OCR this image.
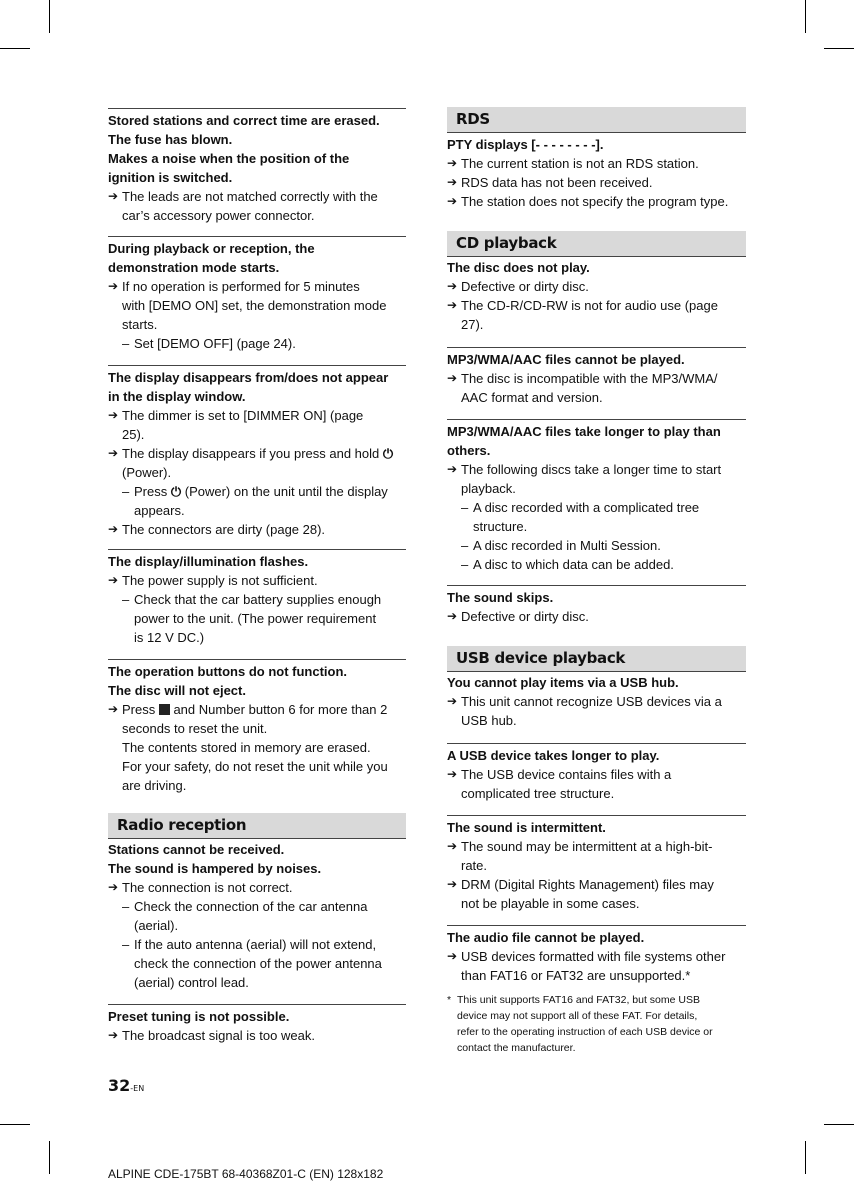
Stored stations and correct time are erased.
The fuse has blown.
Makes a noise when the position of the
ignition is switched.
➔ The leads are not matched correctly with the
car’s accessory power connector.
During playback or reception, the
demonstration mode starts.
➔ If no operation is performed for 5 minutes
with [DEMO ON] set, the demonstration mode
starts.
– Set [DEMO OFF] (page 24).
The display disappears from/does not appear
in the display window.
➔ The dimmer is set to [DIMMER ON] (page
25).
➔ The display disappears if you press and hold ⏻
(Power).
– Press ⏻ (Power) on the unit until the display
appears.
➔ The connectors are dirty (page 28).
The display/illumination flashes.
➔ The power supply is not sufficient.
– Check that the car battery supplies enough
power to the unit. (The power requirement
is 12 V DC.)
The operation buttons do not function.
The disc will not eject.
➔ Press  and Number button 6 for more than 2
seconds to reset the unit.
The contents stored in memory are erased.
For your safety, do not reset the unit while you
are driving.
Radio reception
Stations cannot be received.
The sound is hampered by noises.
➔ The connection is not correct.
– Check the connection of the car antenna
(aerial).
– If the auto antenna (aerial) will not extend,
check the connection of the power antenna
(aerial) control lead.
Preset tuning is not possible.
➔ The broadcast signal is too weak.
RDS
PTY displays [- - - - - - - -].
➔ The current station is not an RDS station.
➔ RDS data has not been received.
➔ The station does not specify the program type.
CD playback
The disc does not play.
➔ Defective or dirty disc.
➔ The CD-R/CD-RW is not for audio use (page
27).
MP3/WMA/AAC files cannot be played.
➔ The disc is incompatible with the MP3/WMA/
AAC format and version.
MP3/WMA/AAC files take longer to play than
others.
➔ The following discs take a longer time to start
playback.
– A disc recorded with a complicated tree
structure.
– A disc recorded in Multi Session.
– A disc to which data can be added.
The sound skips.
➔ Defective or dirty disc.
USB device playback
You cannot play items via a USB hub.
➔ This unit cannot recognize USB devices via a
USB hub.
A USB device takes longer to play.
➔ The USB device contains files with a
complicated tree structure.
The sound is intermittent.
➔ The sound may be intermittent at a high-bit-
rate.
➔ DRM (Digital Rights Management) files may
not be playable in some cases.
The audio file cannot be played.
➔ USB devices formatted with file systems other
than FAT16 or FAT32 are unsupported.*
* This unit supports FAT16 and FAT32, but some USB
device may not support all of these FAT. For details,
refer to the operating instruction of each USB device or
contact the manufacturer.
32-EN
ALPINE CDE-175BT 68-40368Z01-C (EN) 128x182
